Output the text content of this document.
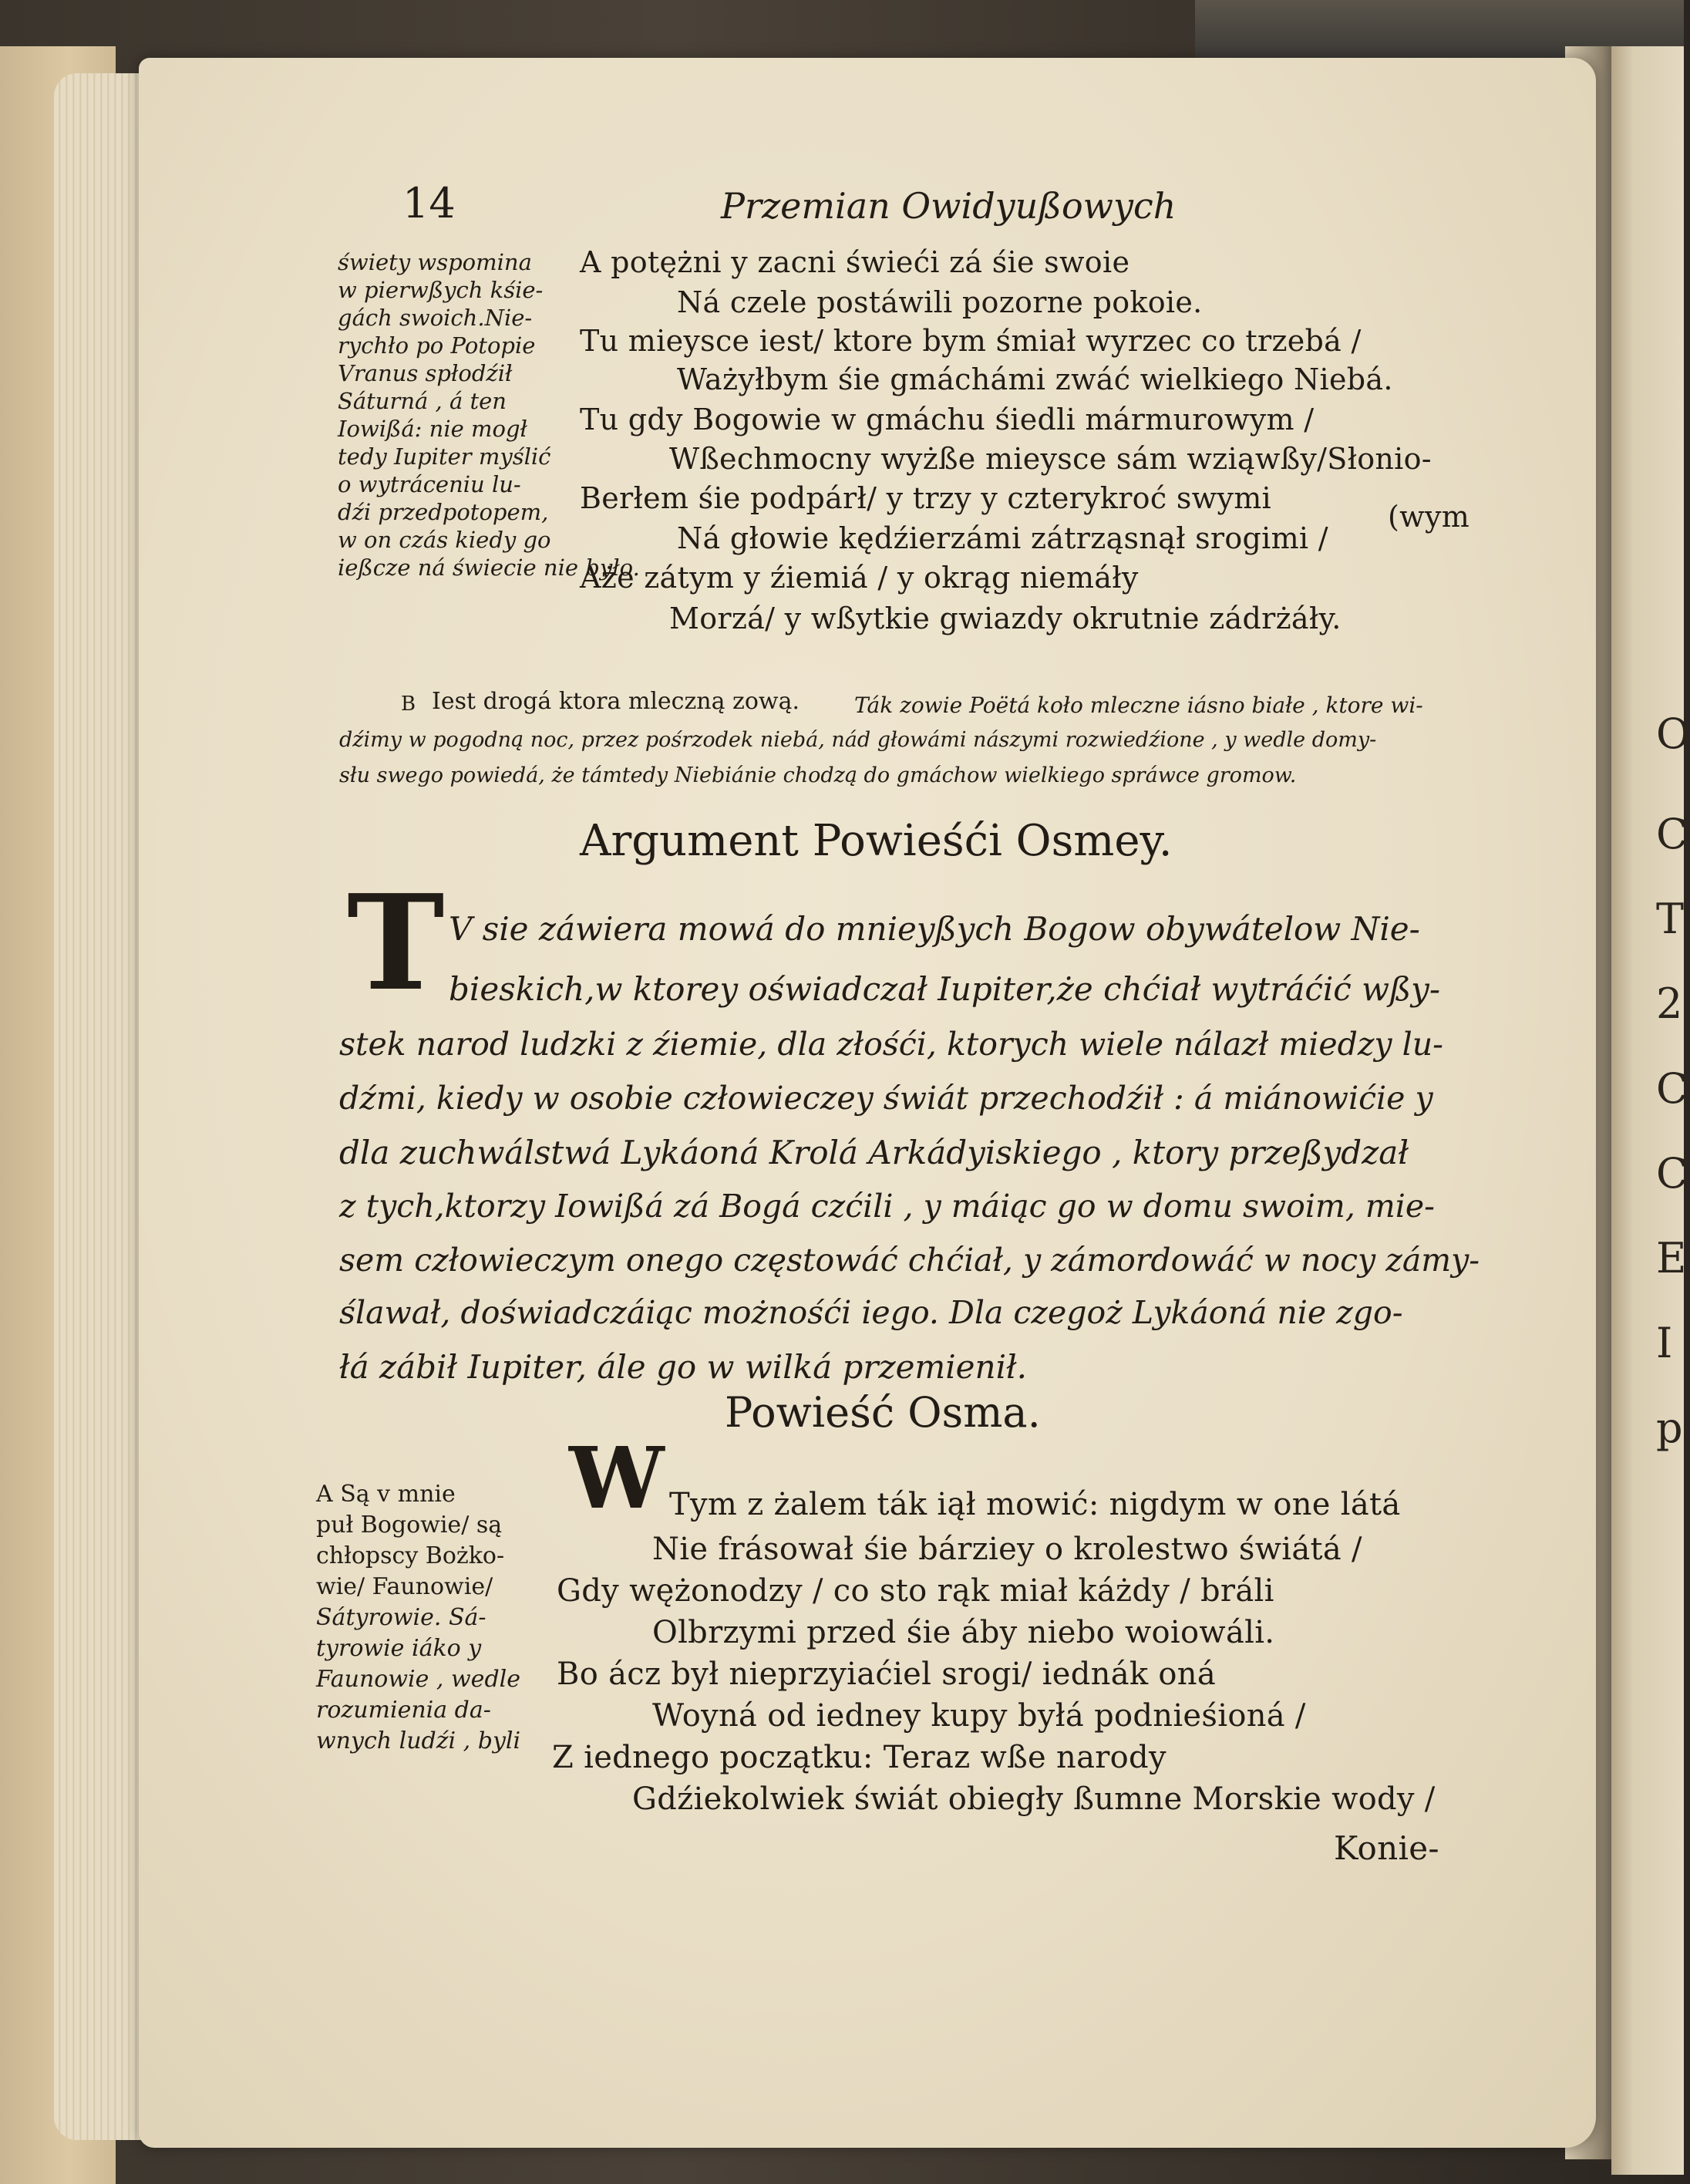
O
C
T
2
C
C
E
I
p
14	Przemian Owidyußowych
świety wspomina
w pierwßych kśie-
gách swoich.Nie-
rychło po Potopie
Vranus spłodźił
Sáturná , á ten
Iowißá: nie mogł
tedy Iupiter myślić
o wytráceniu lu-
dźi przedpotopem,
w on czás kiedy go
ießcze ná świecie nie było.
A potężni y zacni świeći zá śie swoie
Ná czele postáwili pozorne pokoie.
Tu mieysce iest/ ktore bym śmiał wyrzec co trzebá /
Ważyłbym śie gmáchámi zwáć wielkiego Niebá.
Tu gdy Bogowie w gmáchu śiedli mármurowym /
Wßechmocny wyżße mieysce sám wziąwßy/Słonio-
Berłem śie podpárł/ y trzy y czterykroć swymi
(wym
Ná głowie kędźierzámi zátrząsnął srogimi /
Aże zátym y źiemiá / y okrąg niemáły
Morzá/ y wßytkie gwiazdy okrutnie zádrżáły.
B Iest drogá ktora mleczną zową.	Ták zowie Poëtá koło mleczne iásno białe , ktore wi-
dźimy w pogodną noc, przez pośrzodek niebá, nád głowámi nászymi rozwiedźione , y wedle domy-
słu swego powiedá, że támtedy Niebiánie chodzą do gmáchow wielkiego spráwce gromow.
Argument Powieśći Osmey.
T V sie záwiera mowá do mnieyßych Bogow obywátelow Nie-
bieskich,w ktorey oświadczał Iupiter,że chćiał wytráćić wßy-
stek narod ludzki z źiemie, dla złośći, ktorych wiele nálazł miedzy lu-
dźmi, kiedy w osobie człowieczey świát przechodźił : á miánowićie y
dla zuchwálstwá Lykáoná Krolá Arkádyiskiego , ktory przeßydzał
z tych,ktorzy Iowißá zá Bogá czćili , y máiąc go w domu swoim, mie-
sem człowieczym onego częstowáć chćiał, y zámordowáć w nocy zámy-
ślawał, doświadczáiąc możnośći iego. Dla czegoż Lykáoná nie zgo-
łá zábił Iupiter, ále go w wilká przemienił.
Powieść Osma.
A Są v mnie
puł Bogowie/ są
chłopscy Bożko-
wie/ Faunowie/
Sátyrowie. Sá-
tyrowie iáko y
Faunowie , wedle
rozumienia da-
wnych ludźi , byli
W Tym z żalem ták iął mowić: nigdym w one látá
Nie frásował śie bárziey o krolestwo świátá /
Gdy wężonodzy / co sto rąk miał káżdy / bráli
Olbrzymi przed śie áby niebo woiowáli.
Bo ácz był nieprzyiaćiel srogi/ iednák oná
Woyná od iedney kupy byłá podnieśioná /
Z iednego początku: Teraz wße narody
Gdźiekolwiek świát obiegły ßumne Morskie wody /
Konie-
